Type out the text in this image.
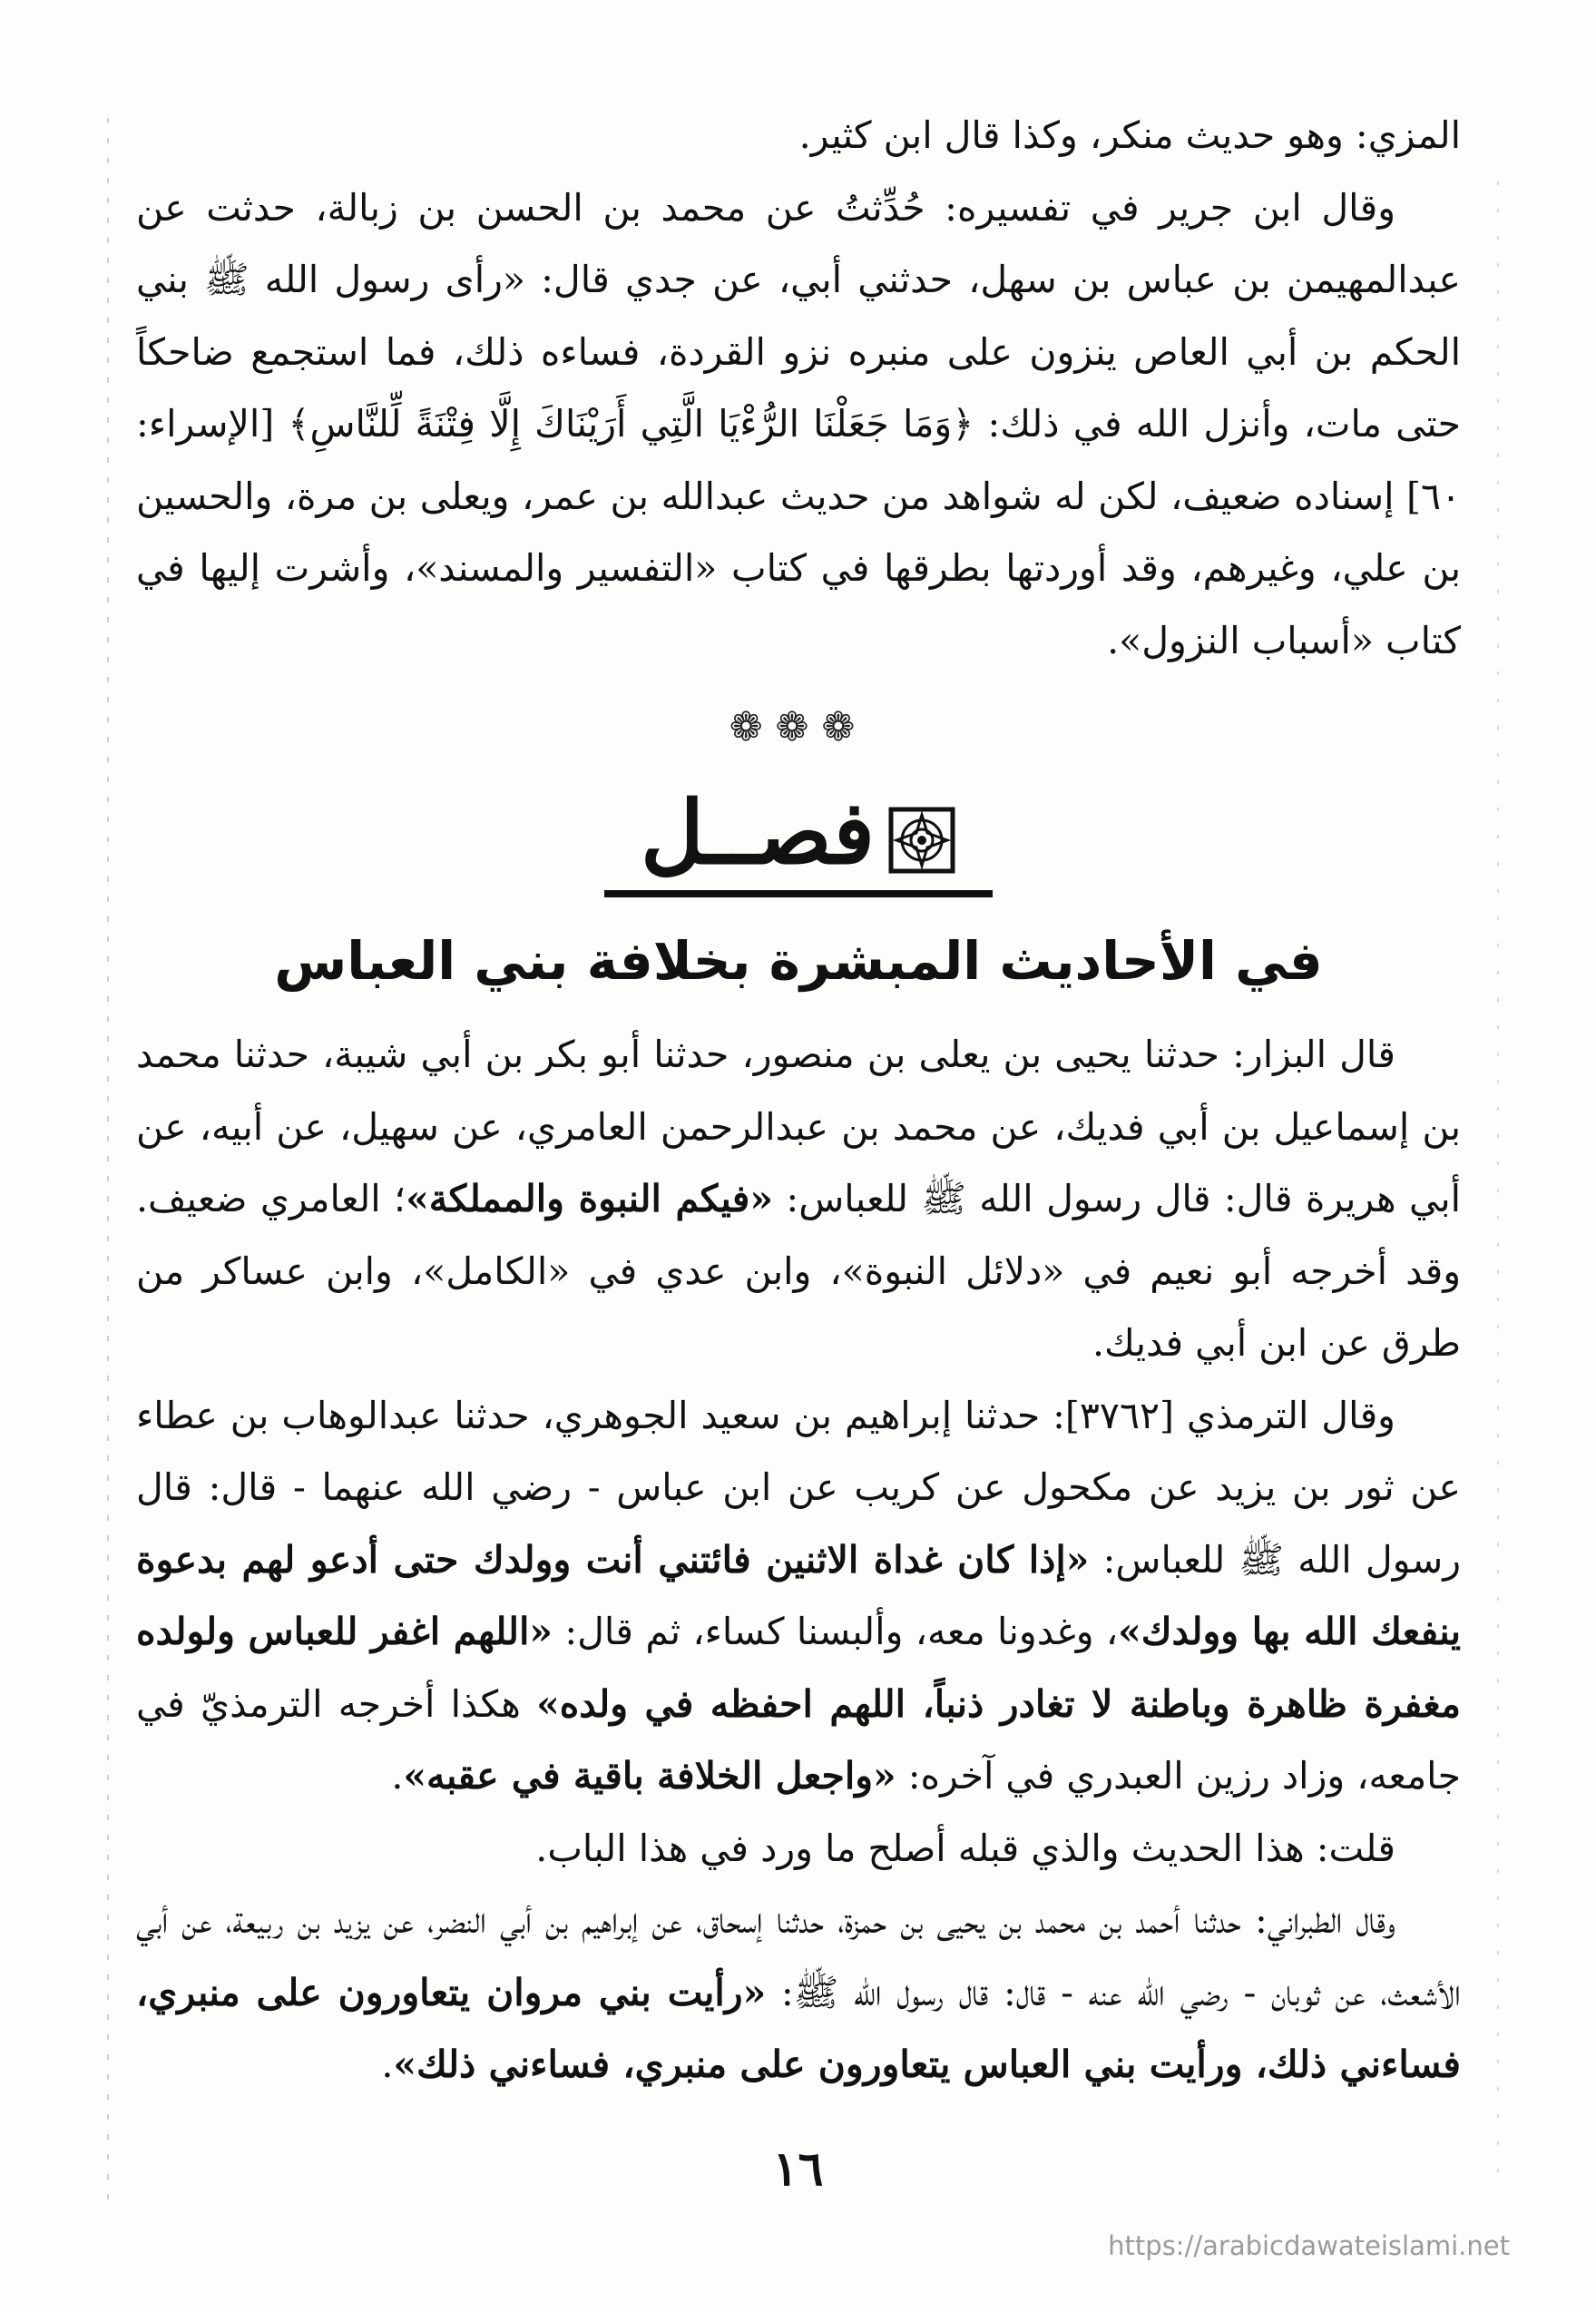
المزي: وهو حديث منكر، وكذا قال ابن كثير.

وقال ابن جرير في تفسيره: حُدِّثتُ عن محمد بن الحسن بن زبالة، حدثت عن عبدالمهيمن بن عباس بن سهل، حدثني أبي، عن جدي قال: «رأى رسول الله ﷺ بني الحكم بن أبي العاص ينزون على منبره نزو القردة، فساءه ذلك، فما استجمع ضاحكاً حتى مات، وأنزل الله في ذلك: ﴿وَمَا جَعَلْنَا الرُّءْيَا الَّتِي أَرَيْنَاكَ إِلَّا فِتْنَةً لِّلنَّاسِ﴾ [الإسراء: ٦٠] إسناده ضعيف، لكن له شواهد من حديث عبدالله بن عمر، ويعلى بن مرة، والحسين بن علي، وغيرهم، وقد أوردتها بطرقها في كتاب «التفسير والمسند»، وأشرت إليها في كتاب «أسباب النزول».

❁❁❁
فصــل
في الأحاديث المبشرة بخلافة بني العباس

قال البزار: حدثنا يحيى بن يعلى بن منصور، حدثنا أبو بكر بن أبي شيبة، حدثنا محمد بن إسماعيل بن أبي فديك، عن محمد بن عبدالرحمن العامري، عن سهيل، عن أبيه، عن أبي هريرة قال: قال رسول الله ﷺ للعباس: «فيكم النبوة والمملكة»؛ العامري ضعيف. وقد أخرجه أبو نعيم في «دلائل النبوة»، وابن عدي في «الكامل»، وابن عساكر من طرق عن ابن أبي فديك.

وقال الترمذي [٣٧٦٢]: حدثنا إبراهيم بن سعيد الجوهري، حدثنا عبدالوهاب بن عطاء عن ثور بن يزيد عن مكحول عن كريب عن ابن عباس - رضي الله عنهما - قال: قال رسول الله ﷺ للعباس: «إذا كان غداة الاثنين فائتني أنت وولدك حتى أدعو لهم بدعوة ينفعك الله بها وولدك»، وغدونا معه، وألبسنا كساء، ثم قال: «اللهم اغفر للعباس ولولده مغفرة ظاهرة وباطنة لا تغادر ذنباً، اللهم احفظه في ولده» هكذا أخرجه الترمذيّ في جامعه، وزاد رزين العبدري في آخره: «واجعل الخلافة باقية في عقبه».

قلت: هذا الحديث والذي قبله أصلح ما ورد في هذا الباب.

وقال الطبراني: حدثنا أحمد بن محمد بن يحيى بن حمزة، حدثنا إسحاق، عن إبراهيم بن أبي النضر، عن يزيد بن ربيعة، عن أبي الأشعث، عن ثوبان - رضي الله عنه - قال: قال رسول الله ﷺ: «رأيت بني مروان يتعاورون على منبري، فساءني ذلك، ورأيت بني العباس يتعاورون على منبري، فساءني ذلك».

١٦
https://arabicdawateislami.net
